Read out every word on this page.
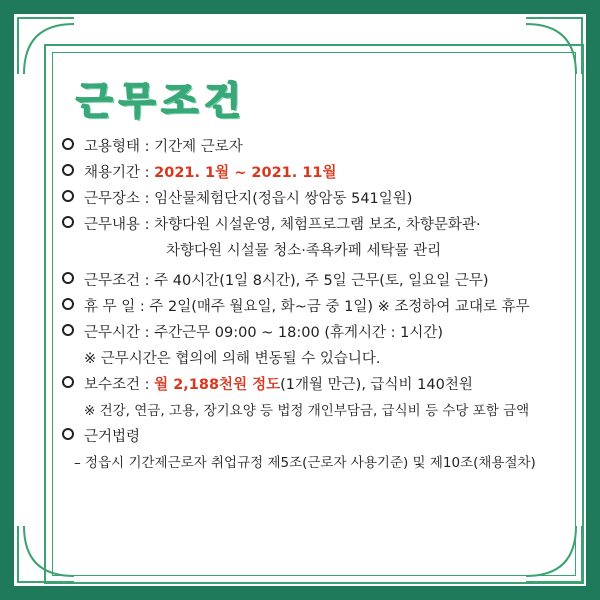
근무조건
고용형태 : 기간제 근로자
채용기간 : 2021. 1월 ~ 2021. 11월
근무장소 : 임산물체험단지(정읍시 쌍암동 541일원)
근무내용 : 차향다원 시설운영, 체험프로그램 보조, 차향문화관·
차향다원 시설물 청소·족욕카페 세탁물 관리
근무조건 : 주 40시간(1일 8시간), 주 5일 근무(토, 일요일 근무)
휴 무 일 : 주 2일(매주 월요일, 화~금 중 1일) ※ 조정하여 교대로 휴무
근무시간 : 주간근무 09:00 ~ 18:00 (휴게시간 : 1시간)
※ 근무시간은 협의에 의해 변동될 수 있습니다.
보수조건 : 월 2,188천원 정도(1개월 만근), 급식비 140천원
※ 건강, 연금, 고용, 장기요양 등 법정 개인부담금, 급식비 등 수당 포함 금액
근거법령
– 정읍시 기간제근로자 취업규정 제5조(근로자 사용기준) 및 제10조(채용절차)
